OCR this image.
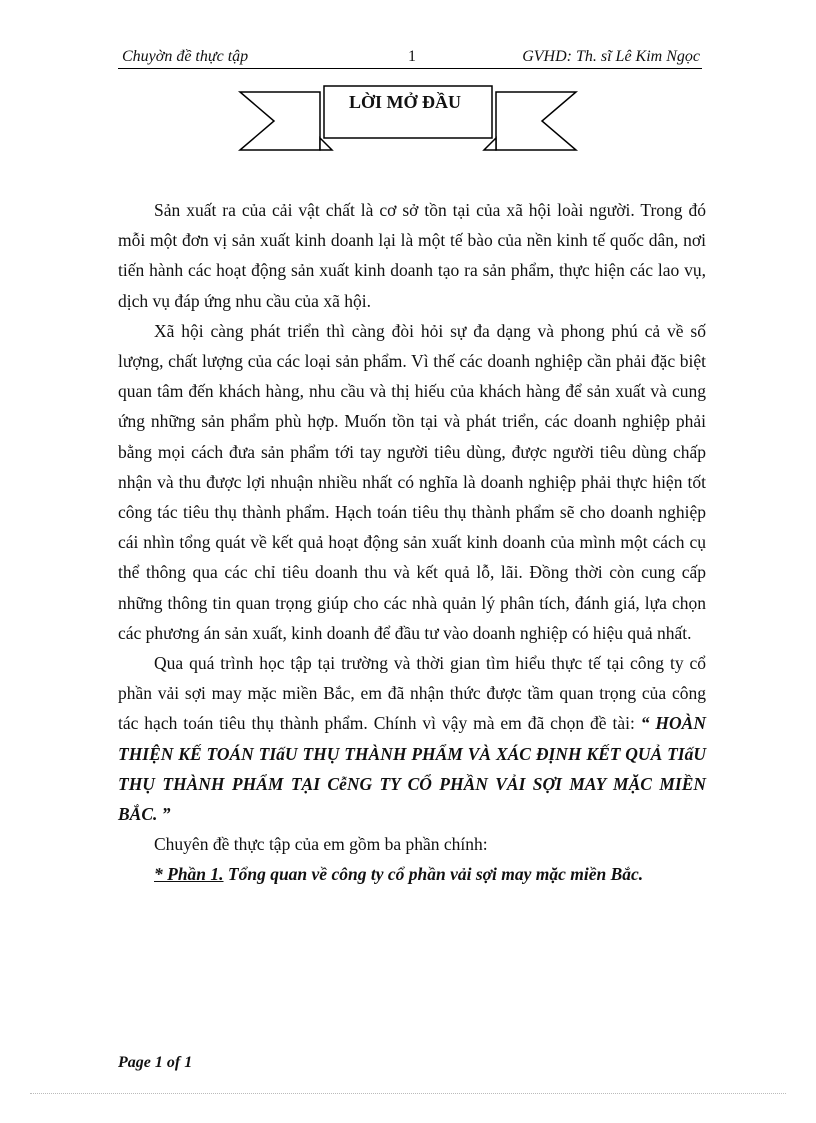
Chuyờn đề thực tập	1	GVHD: Th. sĩ Lê Kim Ngọc
LỜI MỞ ĐẦU

Sản xuất ra của cải vật chất là cơ sở tồn tại của xã hội loài người. Trong đó mỗi một đơn vị sản xuất kinh doanh lại là một tế bào của nền kinh tế quốc dân, nơi tiến hành các hoạt động sản xuất kinh doanh tạo ra sản phẩm, thực hiện các lao vụ, dịch vụ đáp ứng nhu cầu của xã hội.

Xã hội càng phát triển thì càng đòi hỏi sự đa dạng và phong phú cả về số lượng, chất lượng của các loại sản phẩm. Vì thế các doanh nghiệp cần phải đặc biệt quan tâm đến khách hàng, nhu cầu và thị hiếu của khách hàng để sản xuất và cung ứng những sản phẩm phù hợp. Muốn tồn tại và phát triển, các doanh nghiệp phải bằng mọi cách đưa sản phẩm tới tay người tiêu dùng, được người tiêu dùng chấp nhận và thu được lợi nhuận nhiều nhất có nghĩa là doanh nghiệp phải thực hiện tốt công tác tiêu thụ thành phẩm. Hạch toán tiêu thụ thành phẩm sẽ cho doanh nghiệp cái nhìn tổng quát về kết quả hoạt động sản xuất kinh doanh của mình một cách cụ thể thông qua các chỉ tiêu doanh thu và kết quả lỗ, lãi. Đồng thời còn cung cấp những thông tin quan trọng giúp cho các nhà quản lý phân tích, đánh giá, lựa chọn các phương án sản xuất, kinh doanh để đầu tư vào doanh nghiệp có hiệu quả nhất.

Qua quá trình học tập tại trường và thời gian tìm hiểu thực tế tại công ty cổ phần vải sợi may mặc miền Bắc, em đã nhận thức được tầm quan trọng của công tác hạch toán tiêu thụ thành phẩm. Chính vì vậy mà em đã chọn đề tài: “ HOÀN THIỆN KẾ TOÁN TIấU THỤ THÀNH PHẨM VÀ XÁC ĐỊNH KẾT QUẢ TIấU THỤ THÀNH PHẨM TẠI CễNG TY CỔ PHẦN VẢI SỢI MAY MẶC MIỀN BẮC. ”

Chuyên đề thực tập của em gồm ba phần chính:

* Phần 1. Tổng quan về công ty cổ phần vải sợi may mặc miền Bắc.

Page 1 of 1
